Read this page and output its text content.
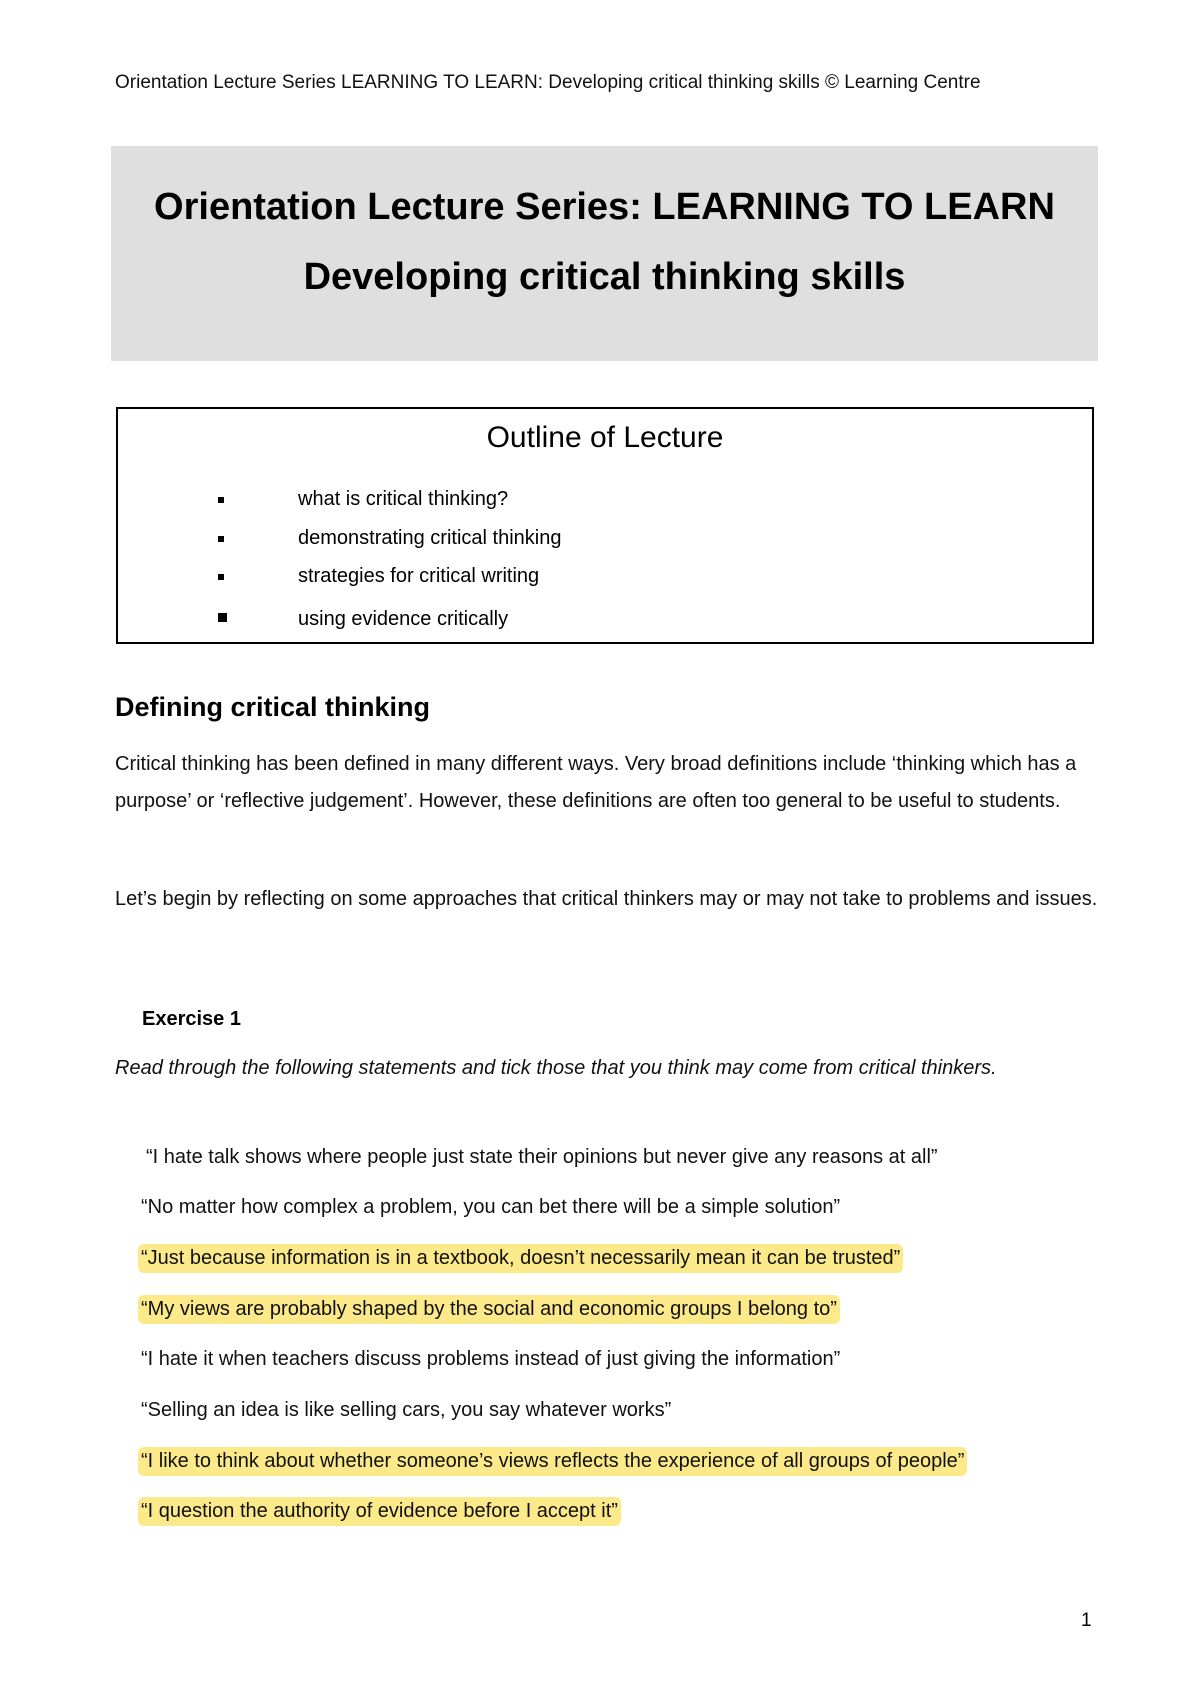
Orientation Lecture Series LEARNING TO LEARN: Developing critical thinking skills © Learning Centre
Orientation Lecture Series: LEARNING TO LEARN
Developing critical thinking skills
Outline of Lecture
what is critical thinking?
demonstrating critical thinking
strategies for critical writing
using evidence critically
Defining critical thinking
Critical thinking has been defined in many different ways. Very broad definitions include ‘thinking which has a purpose’ or ‘reflective judgement’. However, these definitions are often too general to be useful to students.
Let’s begin by reflecting on some approaches that critical thinkers may or may not take to problems and issues.
Exercise 1
Read through the following statements and tick those that you think may come from critical thinkers.
“I hate talk shows where people just state their opinions but never give any reasons at all”
“No matter how complex a problem, you can bet there will be a simple solution”
“Just because information is in a textbook, doesn’t necessarily mean it can be trusted”
“My views are probably shaped by the social and economic groups I belong to”
“I hate it when teachers discuss problems instead of just giving the information”
“Selling an idea is like selling cars, you say whatever works”
“I like to think about whether someone’s views reflects the experience of all groups of people”
“I question the authority of evidence before I accept it”
1
